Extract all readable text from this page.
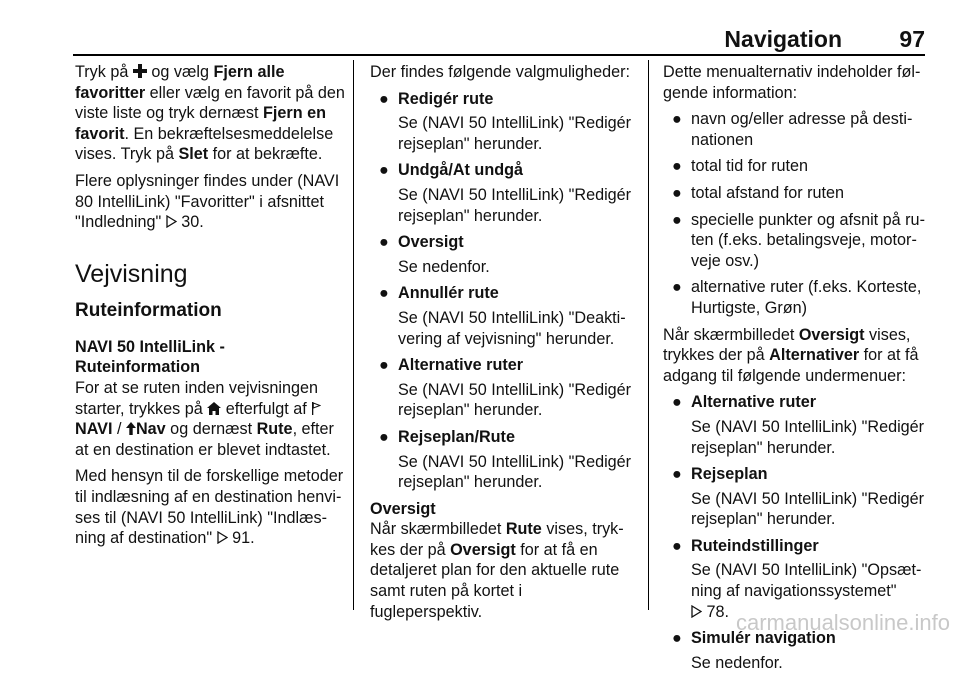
Navigation 97

Tryk på  og vælg Fjern alle favoritter eller vælg en favorit på den viste liste og tryk dernæst Fjern en favorit. En bekræftelsesmeddelelse vises. Tryk på Slet for at bekræfte.

Flere oplysninger findes under (NAVI 80 IntelliLink) "Favoritter" i afsnittet "Indledning"  30.

Vejvisning
Ruteinformation

NAVI 50 IntelliLink - Ruteinformation

For at se ruten inden vejvisningen starter, trykkes på  efterfulgt af NAVI / Nav og dernæst Rute, efter at en destination er blevet indtastet.

Med hensyn til de forskellige metoder til indlæsning af en destination henvises til (NAVI 50 IntelliLink) "Indlæsning af destination"  91.

Der findes følgende valgmuligheder:

● Redigér rute
Se (NAVI 50 IntelliLink) "Redigér rejseplan" herunder.
● Undgå/At undgå
Se (NAVI 50 IntelliLink) "Redigér rejseplan" herunder.
● Oversigt
Se nedenfor.
● Annullér rute
Se (NAVI 50 IntelliLink) "Deaktivering af vejvisning" herunder.
● Alternative ruter
Se (NAVI 50 IntelliLink) "Redigér rejseplan" herunder.
● Rejseplan/Rute
Se (NAVI 50 IntelliLink) "Redigér rejseplan" herunder.

Oversigt

Når skærmbilledet Rute vises, trykkes der på Oversigt for at få en detaljeret plan for den aktuelle rute samt ruten på kortet i fugleperspektiv.

Dette menualternativ indeholder følgende information:

● navn og/eller adresse på destinationen
● total tid for ruten
● total afstand for ruten
● specielle punkter og afsnit på ruten (f.eks. betalingsveje, motorveje osv.)
● alternative ruter (f.eks. Korteste, Hurtigste, Grøn)

Når skærmbilledet Oversigt vises, trykkes der på Alternativer for at få adgang til følgende undermenuer:

● Alternative ruter
Se (NAVI 50 IntelliLink) "Redigér rejseplan" herunder.
● Rejseplan
Se (NAVI 50 IntelliLink) "Redigér rejseplan" herunder.
● Ruteindstillinger
Se (NAVI 50 IntelliLink) "Opsætning af navigationssystemet"
78.
● Simulér navigation
Se nedenfor.
carmanualsonline.info
